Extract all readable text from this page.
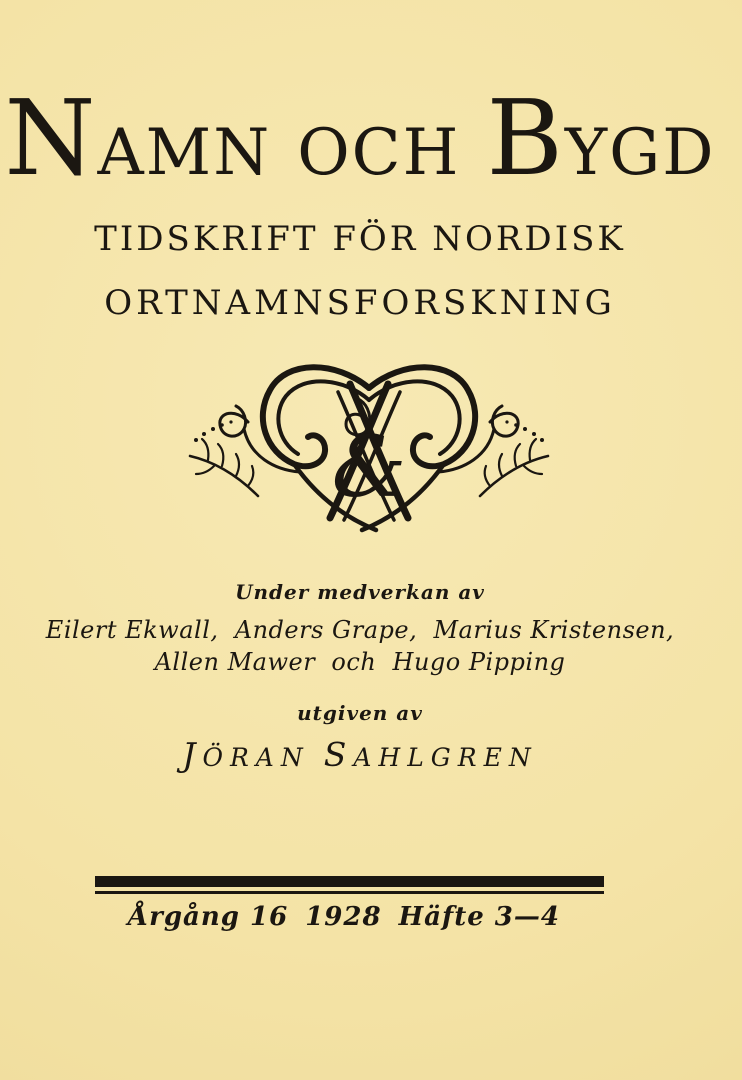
NAMN OCH BYGD
TIDSKRIFT FÖR NORDISK
ORTNAMNSFORSKNING
&
Under medverkan av
Eilert Ekwall,  Anders Grape,  Marius Kristensen,
Allen Mawer  och  Hugo Pipping
utgiven av
JÖRAN SAHLGREN
Årgång 16 1928 Häfte 3—4
